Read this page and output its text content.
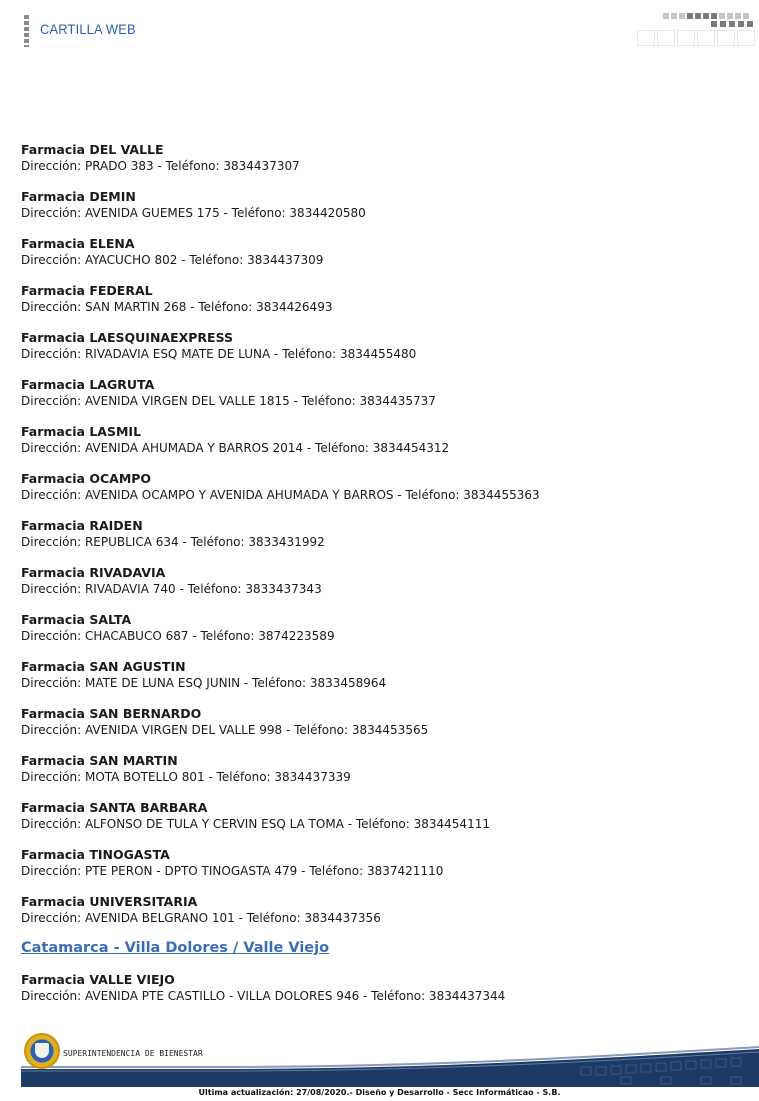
CARTILLA WEB
Farmacia DEL VALLE
Dirección: PRADO 383 - Teléfono: 3834437307
Farmacia DEMIN
Dirección: AVENIDA GUEMES 175 - Teléfono: 3834420580
Farmacia ELENA
Dirección: AYACUCHO 802 - Teléfono: 3834437309
Farmacia FEDERAL
Dirección: SAN MARTIN 268 - Teléfono: 3834426493
Farmacia LAESQUINAEXPRESS
Dirección: RIVADAVIA ESQ MATE DE LUNA - Teléfono: 3834455480
Farmacia LAGRUTA
Dirección: AVENIDA VIRGEN DEL VALLE 1815 - Teléfono: 3834435737
Farmacia LASMIL
Dirección: AVENIDA AHUMADA Y BARROS 2014 - Teléfono: 3834454312
Farmacia OCAMPO
Dirección: AVENIDA OCAMPO Y AVENIDA AHUMADA Y BARROS - Teléfono: 3834455363
Farmacia RAIDEN
Dirección: REPUBLICA 634 - Teléfono: 3833431992
Farmacia RIVADAVIA
Dirección: RIVADAVIA 740 - Teléfono: 3833437343
Farmacia SALTA
Dirección: CHACABUCO 687 - Teléfono: 3874223589
Farmacia SAN AGUSTIN
Dirección: MATE DE LUNA ESQ JUNIN - Teléfono: 3833458964
Farmacia SAN BERNARDO
Dirección: AVENIDA VIRGEN DEL VALLE 998 - Teléfono: 3834453565
Farmacia SAN MARTIN
Dirección: MOTA BOTELLO 801 - Teléfono: 3834437339
Farmacia SANTA BARBARA
Dirección: ALFONSO DE TULA Y CERVIN ESQ LA TOMA - Teléfono: 3834454111
Farmacia TINOGASTA
Dirección: PTE PERON - DPTO TINOGASTA 479 - Teléfono: 3837421110
Farmacia UNIVERSITARIA
Dirección: AVENIDA BELGRANO 101 - Teléfono: 3834437356
Catamarca - Villa Dolores / Valle Viejo
Farmacia VALLE VIEJO
Dirección: AVENIDA PTE CASTILLO - VILLA DOLORES 946 - Teléfono: 3834437344
SUPERINTENDENCIA DE BIENESTAR
Ultima actualización: 27/08/2020.- Diseño y Desarrollo - Secc Informáticao - S.B.
